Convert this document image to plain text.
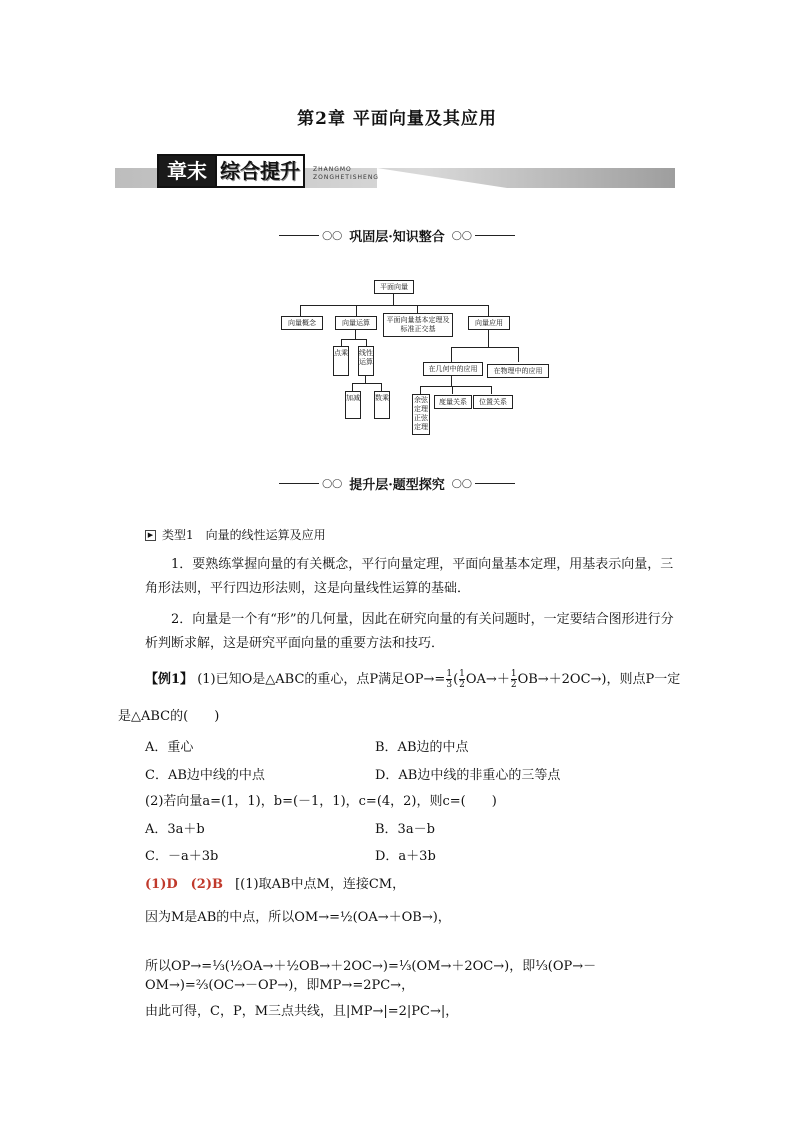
第2章 平面向量及其应用
章末 综合提升	ZHANGMO
ZONGHETISHENG
◯◯ 巩固层·知识整合 ◯◯
平面向量
向量概念	向量运算	平面向量基本定理及标准正交基
向量应用
点乘 线性运算
加减 数乘
在几何中的应用	在物理中的应用
余弦定理正弦定理
度量关系	位置关系
◯◯ 提升层·题型探究 ◯◯
▶ 类型1　向量的线性运算及应用
1．要熟练掌握向量的有关概念，平行向量定理，平面向量基本定理，用基表示向量，三角形法则，平行四边形法则，这是向量线性运算的基础．
2．向量是一个有“形”的几何量，因此在研究向量的有关问题时，一定要结合图形进行分析判断求解，这是研究平面向量的重要方法和技巧．
【例1】 (1)已知O是△ABC的重心，点P满足$OP\to= \frac{1}{3}$ ( $\frac{1}{2} OA\to+ \frac{1}{2} OB\to+2OC\to$)，则点P一定
是△ABC的(　　)
A．重心	B．AB边的中点
C．AB边中线的中点	D．AB边中线的非重心的三等点
(2)若向量a=(1，1)，b=(－1，1)，c=(4，2)，则c=(　　)
A．3a＋b	B．3a－b
C．－a＋3b	D．a＋3b
(1)D　(2)B [(1)取AB中点M，连接CM，
因为M是AB的中点，所以OM→=½(OA→＋OB→)，
所以OP→=⅓(½OA→＋½OB→＋2OC→)=⅓(OM→＋2OC→)，即⅓(OP→－OM→)=⅔(OC→－OP→)，即MP→=2PC→，
由此可得，C，P，M三点共线，且|MP→|=2|PC→|，
